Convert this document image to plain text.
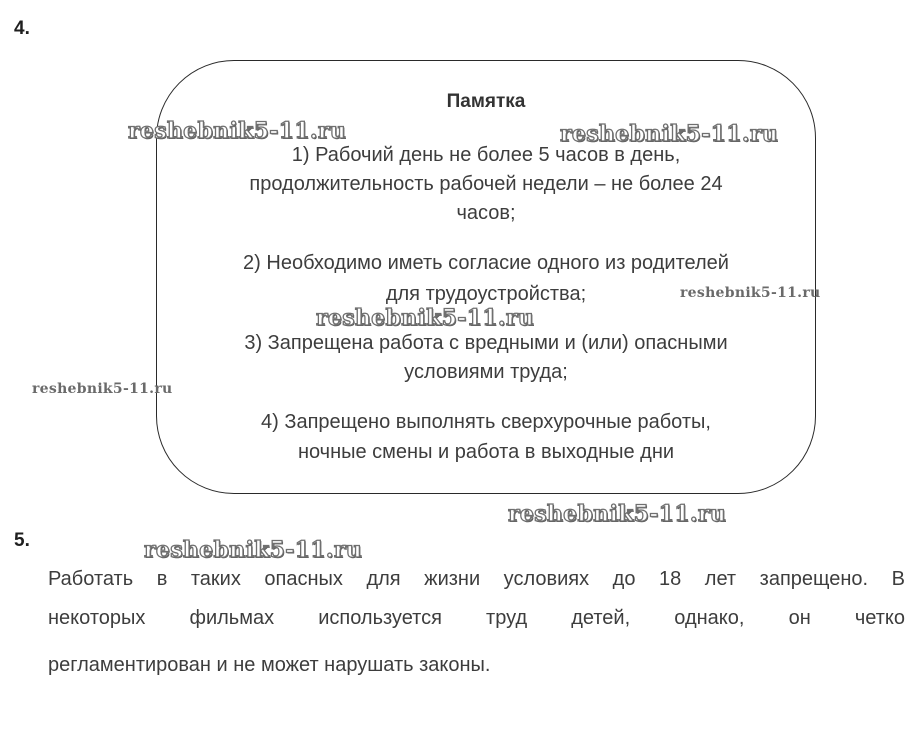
4.
Памятка
1) Рабочий день не более 5 часов в день,
продолжительность рабочей недели – не более 24
часов;
2) Необходимо иметь согласие одного из родителей
для трудоустройства;
3) Запрещена работа с вредными и (или) опасными
условиями труда;
4) Запрещено выполнять сверхурочные работы,
ночные смены и работа в выходные дни
5.
Работать в таких опасных для жизни условиях до 18 лет запрещено. В
некоторых фильмах используется труд детей, однако, он четко
регламентирован и не может нарушать законы.
reshebnik5-11.ru	reshebnik5-11.ru
reshebnik5-11.ru
reshebnik5-11.ru
reshebnik5-11.ru
reshebnik5-11.ru
reshebnik5-11.ru
